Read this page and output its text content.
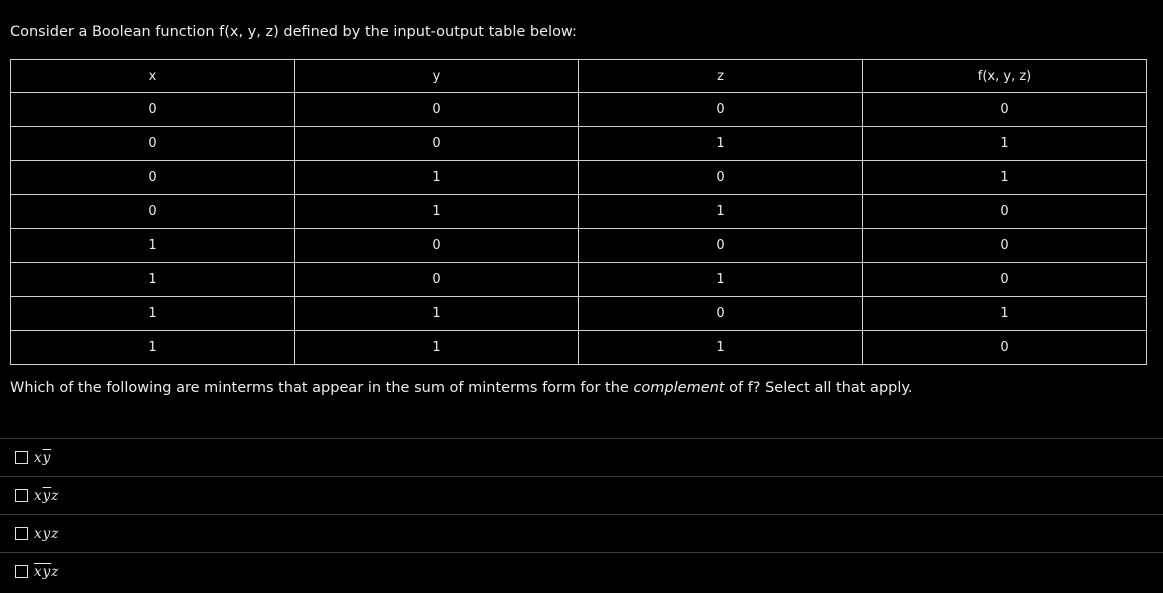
Consider a Boolean function f(x, y, z) defined by the input-output table below:
x	y	z	f(x, y, z)
0	0	0	0
0	0	1	1
0	1	0	1
0	1	1	0
1	0	0	0
1	0	1	0
1	1	0	1
1	1	1	0
Which of the following are minterms that appear in the sum of minterms form for the complement of f? Select all that apply.
$x\overline{y}$
$x\overline{y}z$
xyz
$\overline{x}\overline{y}z$
